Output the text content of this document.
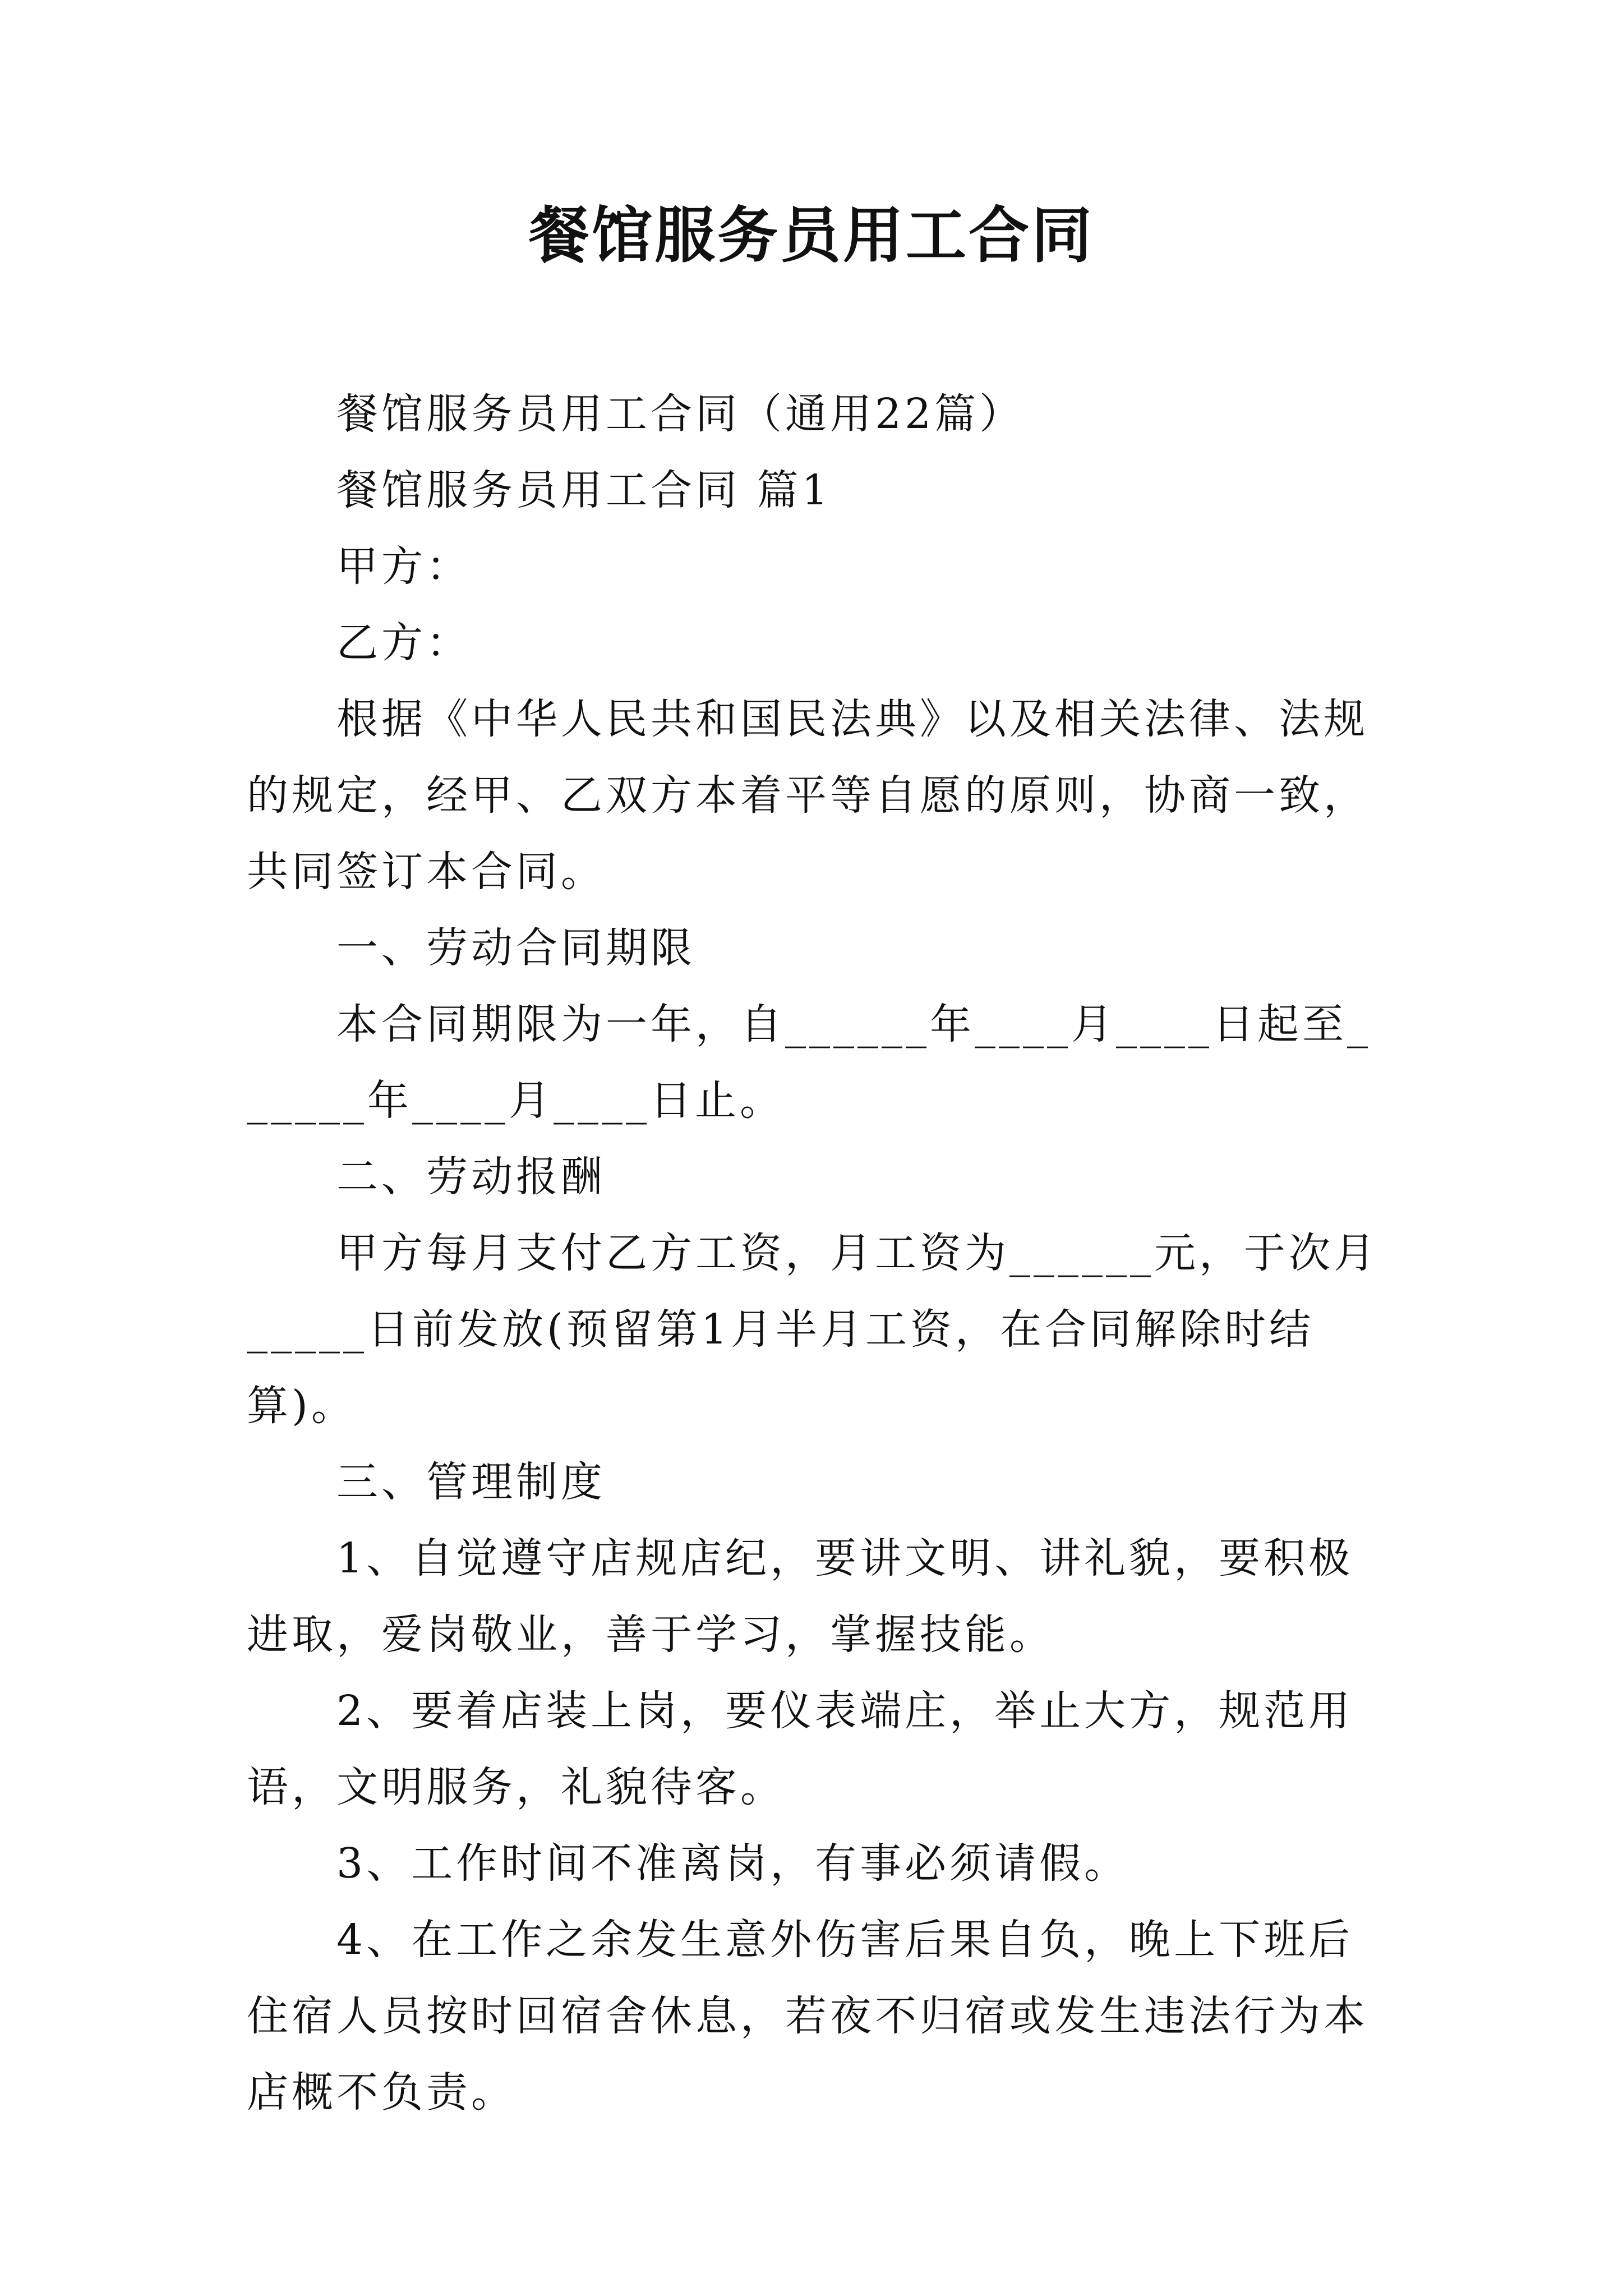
餐馆服务员用工合同

餐馆服务员用工合同（通用22篇）

餐馆服务员用工合同 篇1

甲方：

乙方：

根据《中华人民共和国民法典》以及相关法律、法规的规定，经甲、乙双方本着平等自愿的原则，协商一致，共同签订本合同。

一、劳动合同期限

本合同期限为一年，自______年____月____日起至______年____月____日止。

二、劳动报酬

甲方每月支付乙方工资，月工资为______元，于次月_____日前发放(预留第1月半月工资，在合同解除时结算)。

三、管理制度

1、自觉遵守店规店纪，要讲文明、讲礼貌，要积极进取，爱岗敬业，善于学习，掌握技能。

2、要着店装上岗，要仪表端庄，举止大方，规范用语，文明服务，礼貌待客。

3、工作时间不准离岗，有事必须请假。

4、在工作之余发生意外伤害后果自负，晚上下班后住宿人员按时回宿舍休息，若夜不归宿或发生违法行为本店概不负责。
